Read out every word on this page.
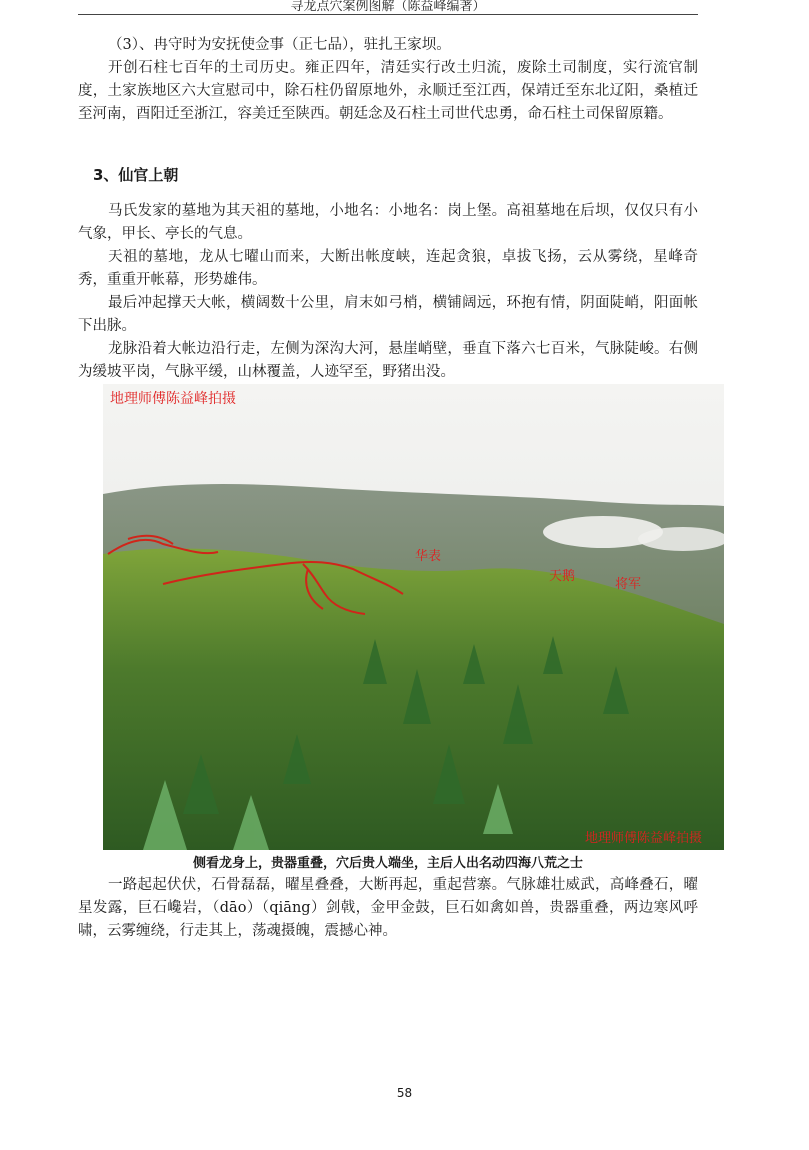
寻龙点穴案例图解（陈益峰编著）

（3）、冉守时为安抚使佥事（正七品），驻扎王家坝。

开创石柱七百年的土司历史。雍正四年，清廷实行改土归流，废除土司制度，实行流官制度，土家族地区六大宣慰司中，除石柱仍留原地外，永顺迁至江西，保靖迁至东北辽阳，桑植迁至河南，酉阳迁至浙江，容美迁至陕西。朝廷念及石柱土司世代忠勇，命石柱土司保留原籍。

3、仙官上朝

马氏发家的墓地为其天祖的墓地，小地名：小地名：岗上堡。高祖墓地在后坝，仅仅只有小气象，甲长、亭长的气息。

天祖的墓地，龙从七曜山而来，大断出帐度峡，连起贪狼，卓拔飞扬，云从雾绕，星峰奇秀，重重开帐幕，形势雄伟。

最后冲起撑天大帐，横阔数十公里，肩末如弓梢，横铺阔远，环抱有情，阴面陡峭，阳面帐下出脉。

龙脉沿着大帐边沿行走，左侧为深沟大河，悬崖峭壁，垂直下落六七百米，气脉陡峻。右侧为缓坡平岗，气脉平缓，山林覆盖，人迹罕至，野猪出没。

华表
天鹅
将军
地理师傅陈益峰拍摄
地理师傅陈益峰拍摄
侧看龙身上，贵器重叠，穴后贵人端坐，主后人出名动四海八荒之士

一路起起伏伏，石骨磊磊，曜星叠叠，大断再起，重起营寨。气脉雄壮威武，高峰叠石，曜星发露，巨石巉岩，（dāo）（qiāng）剑戟，金甲金鼓，巨石如禽如兽，贵器重叠，两边寒风呼啸，云雾缠绕，行走其上，荡魂摄魄，震撼心神。

58
